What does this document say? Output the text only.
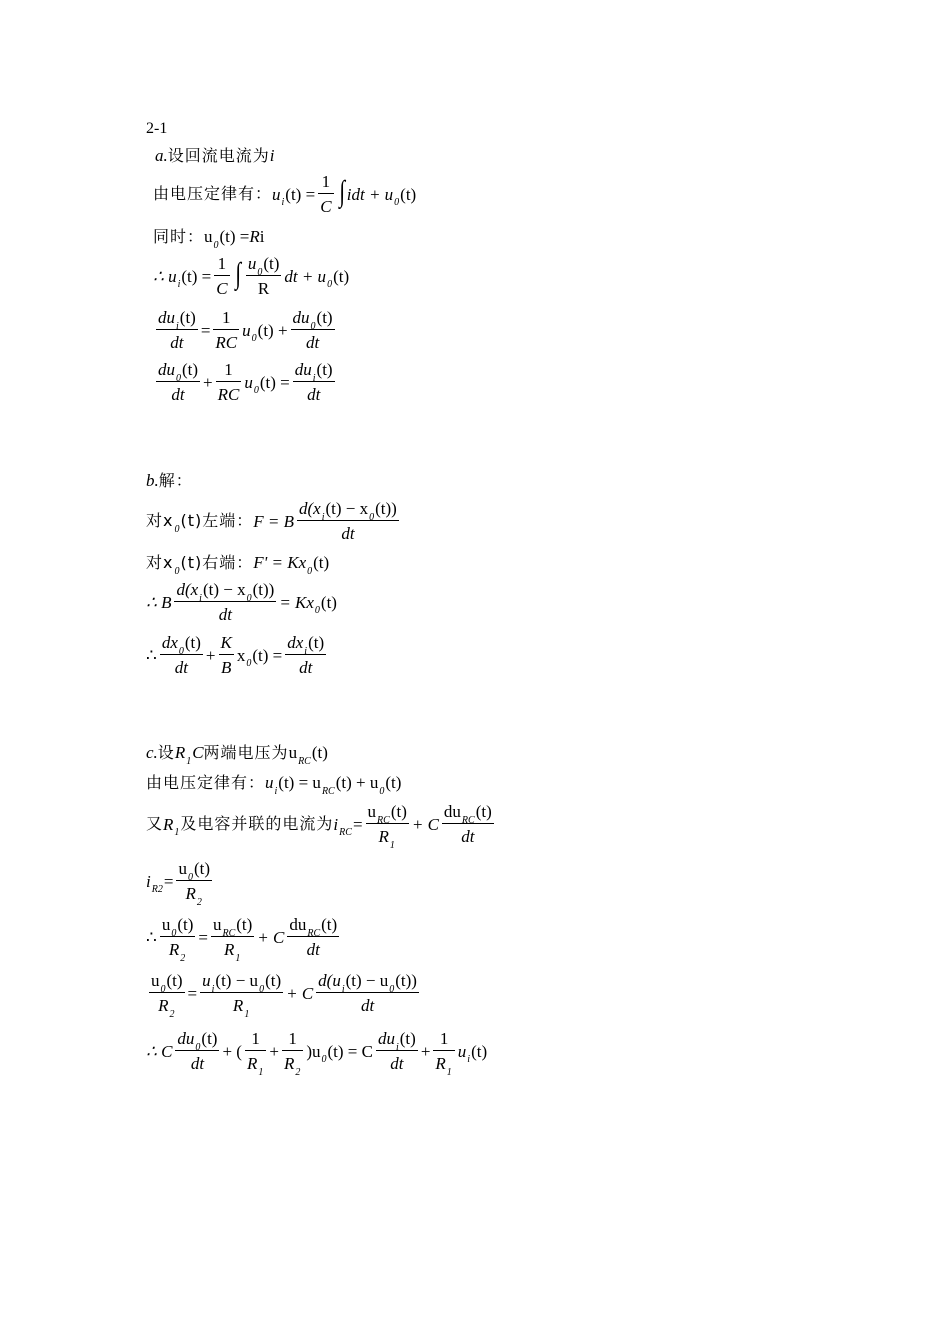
2-1
a. 设回流电流为 i
由电压定律有： u i $(t) = \frac{1}{C}$ ∫ idt + u 0 (t)
同时： u 0 (t) = R i
∴ u i $(t) = \frac{1}{C}$ ∫ $\frac{u_0(t)}{R}$ dt + u 0 (t)
$\frac{du_i(t)}{dt} = \frac{1}{RC}$ u 0 $(t) + \frac{du_0(t)}{dt}$
$\frac{du_0(t)}{dt} + \frac{1}{RC}$ u 0 $(t) = \frac{du_i(t)}{dt}$
b. 解：
对x 0 (t)左端： F = B $\frac{d(x_i(t) - x_0(t))}{dt}$
对x 0 (t)右端： F' = Kx 0 (t)
∴ B $\frac{d(x_i(t) - x_0(t))}{dt} = Kx$ 0 (t)
∴ $\frac{dx_0(t)}{dt} + \frac{K}{B}$ x 0 $(t) = \frac{dx_i(t)}{dt}$
c. 设 R 1 C 两端电压为 u RC (t)
由电压定律有： u i (t) = u RC (t) + u 0 (t)
又 R 1 及电容并联的电流为 i RC = $\frac{u_{RC}(t)}{R_1} + C \frac{du_{RC}(t)}{dt}$
i $R2 = \frac{u_0(t)}{R_2}$
∴ $\frac{u_0(t)}{R_2} = \frac{u_{RC}(t)}{R_1} + C \frac{du_{RC}(t)}{dt}$
$\frac{u_0(t)}{R_2} = \frac{u_i(t) - u_0(t)}{R_1} + C \frac{d(u_i(t) - u_0(t))}{dt}$
∴ C $\frac{du_0(t)}{dt}$ + ( $\frac{1}{R_1} + \frac{1}{R_2} )u$ 0 (t) = C $\frac{du_i(t)}{dt} + \frac{1}{R_1}$ u i (t)
